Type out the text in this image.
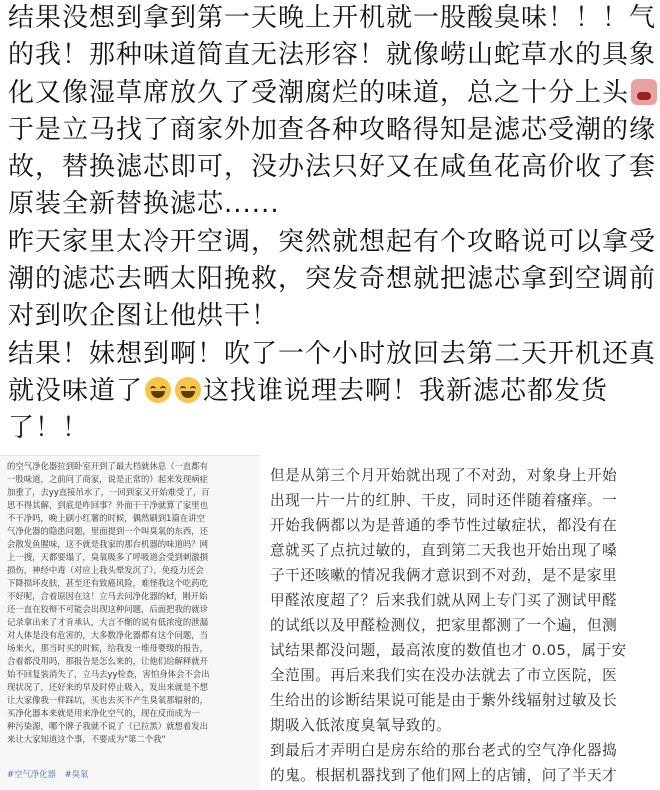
结果没想到拿到第一天晚上开机就一股酸臭味！！！气
的我！那种味道简直无法形容！就像崂山蛇草水的具象
化又像湿草席放久了受潮腐烂的味道，总之十分上头
于是立马找了商家外加查各种攻略得知是滤芯受潮的缘
故，替换滤芯即可，没办法只好又在咸鱼花高价收了套
原装全新替换滤芯......
昨天家里太冷开空调，突然就想起有个攻略说可以拿受
潮的滤芯去晒太阳挽救，突发奇想就把滤芯拿到空调前
对到吹企图让他烘干！
结果！妹想到啊！吹了一个小时放回去第二天开机还真
就没味道了 这找谁说理去啊！我新滤芯都发货
了！！
的空气净化器拉到卧室开到了最大档就休息（一直都有
一股味道，之前问了商家，说是正常的）起来发现病症
加重了，去yy直接吊水了，一回到家又开始难受了，百
思不得其解，到底是咋回事？外面干干净就算了家里也
不干净吗，晚上刷小红薯的时候，偶然刷到1篇在讲空
气净化器的隐患问题，里面提到一个叫臭氧的东西，还
会散发鱼腥味，这不就是我家的那台机器的味道吗？网
上一搜，天都要塌了，臭氧吸多了呼吸道会受到刺激損
损伤，神经中毒（对应上我头晕发沉了），免疫力还会
下降损坏皮肤，甚至还有致癌风险，难怪我这个吃药吃
不好呢，合着原因在这！立马去问净化器的kf，刚开始
还一直在狡辩不可能会出现这种问题，后面把我的就诊
记录拿出来了才肯承认，大言不惭的说有低浓度的泄漏
对人体是没有危害的，大多数净化器都有这个问题，当
场来火，那当时买的时候，给我发一堆母婴级的报告，
合着都没用吗，那报告是怎么来的，让他们给解释就开
始不回复装消失了，立马去yy检查，害怕身体会不会出
现状况了，还好来的早及时停止吸入，发出来就是不想
让大家像我一样踩坑，买也去买不产生臭氧那辐射的，
买净化器本来就是用来净化空气的，现在反而成为一
种污染源，哪个牌子我就不说了（已拉黑）就想着发出
来让大家知道这个事，不要成为"第二个我"
#空气净化器 #臭氧
但是从第三个月开始就出现了不对劲，对象身上开始
出现一片一片的红肿、干皮，同时还伴随着瘙痒。一
开始我俩都以为是普通的季节性过敏症状，都没有在
意就买了点抗过敏的，直到第二天我也开始出现了嗓
子干还咳嗽的情况我俩才意识到不对劲，是不是家里
甲醛浓度超了？后来我们就从网上专门买了测试甲醛
的试纸以及甲醛检测仪，把家里都测了一个遍，但测
试结果都没问题，最高浓度的数值也才 0.05，属于安
全范围。再后来我们实在没办法就去了市立医院，医
生给出的诊断结果说可能是由于紫外线辐射过敏及长
期吸入低浓度臭氧导致的。
到最后才弄明白是房东给的那台老式的空气净化器捣
的鬼。根据机器找到了他们网上的店铺，问了半天才
